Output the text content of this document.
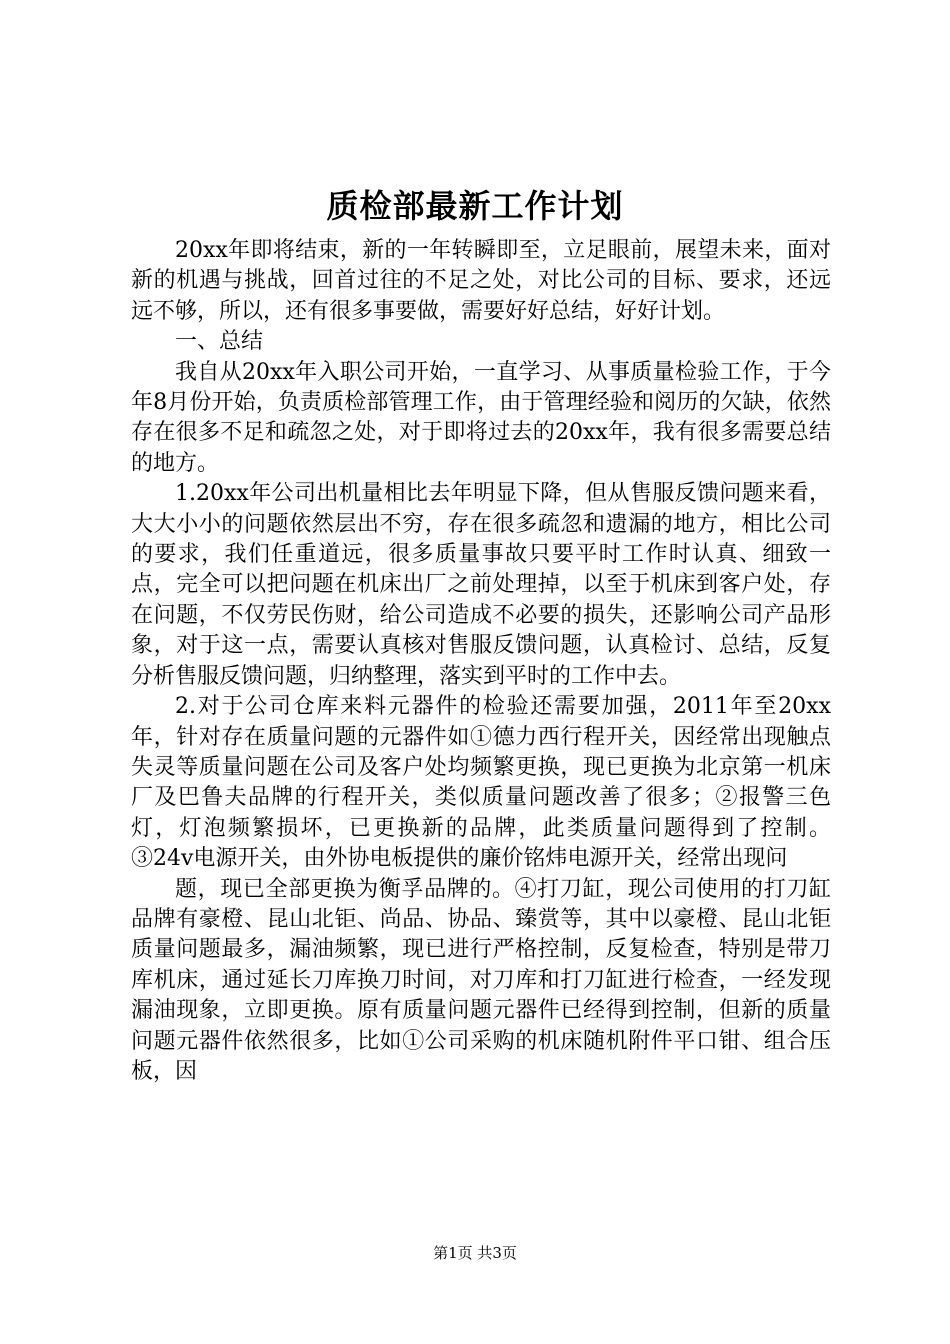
质检部最新工作计划

20xx年即将结束，新的一年转瞬即至，立足眼前，展望未来，面对新的机遇与挑战，回首过往的不足之处，对比公司的目标、要求，还远远不够，所以，还有很多事要做，需要好好总结，好好计划。

一、总结

我自从20xx年入职公司开始，一直学习、从事质量检验工作，于今年8月份开始，负责质检部管理工作，由于管理经验和阅历的欠缺，依然存在很多不足和疏忽之处，对于即将过去的20xx年，我有很多需要总结的地方。

1.20xx年公司出机量相比去年明显下降，但从售服反馈问题来看，大大小小的问题依然层出不穷，存在很多疏忽和遗漏的地方，相比公司的要求，我们任重道远，很多质量事故只要平时工作时认真、细致一点，完全可以把问题在机床出厂之前处理掉，以至于机床到客户处，存在问题，不仅劳民伤财，给公司造成不必要的损失，还影响公司产品形象，对于这一点，需要认真核对售服反馈问题，认真检讨、总结，反复分析售服反馈问题，归纳整理，落实到平时的工作中去。

2.对于公司仓库来料元器件的检验还需要加强，2011年至20xx年，针对存在质量问题的元器件如①德力西行程开关，因经常出现触点失灵等质量问题在公司及客户处均频繁更换，现已更换为北京第一机床厂及巴鲁夫品牌的行程开关，类似质量问题改善了很多；②报警三色灯，灯泡频繁损坏，已更换新的品牌，此类质量问题得到了控制。③24v电源开关，由外协电板提供的廉价铭炜电源开关，经常出现问

题，现已全部更换为衡孚品牌的。④打刀缸，现公司使用的打刀缸品牌有豪橙、昆山北钜、尚品、协品、臻赏等，其中以豪橙、昆山北钜质量问题最多，漏油频繁，现已进行严格控制，反复检查，特别是带刀库机床，通过延长刀库换刀时间，对刀库和打刀缸进行检查，一经发现漏油现象，立即更换。原有质量问题元器件已经得到控制，但新的质量问题元器件依然很多，比如①公司采购的机床随机附件平口钳、组合压板，因

第1页 共3页
